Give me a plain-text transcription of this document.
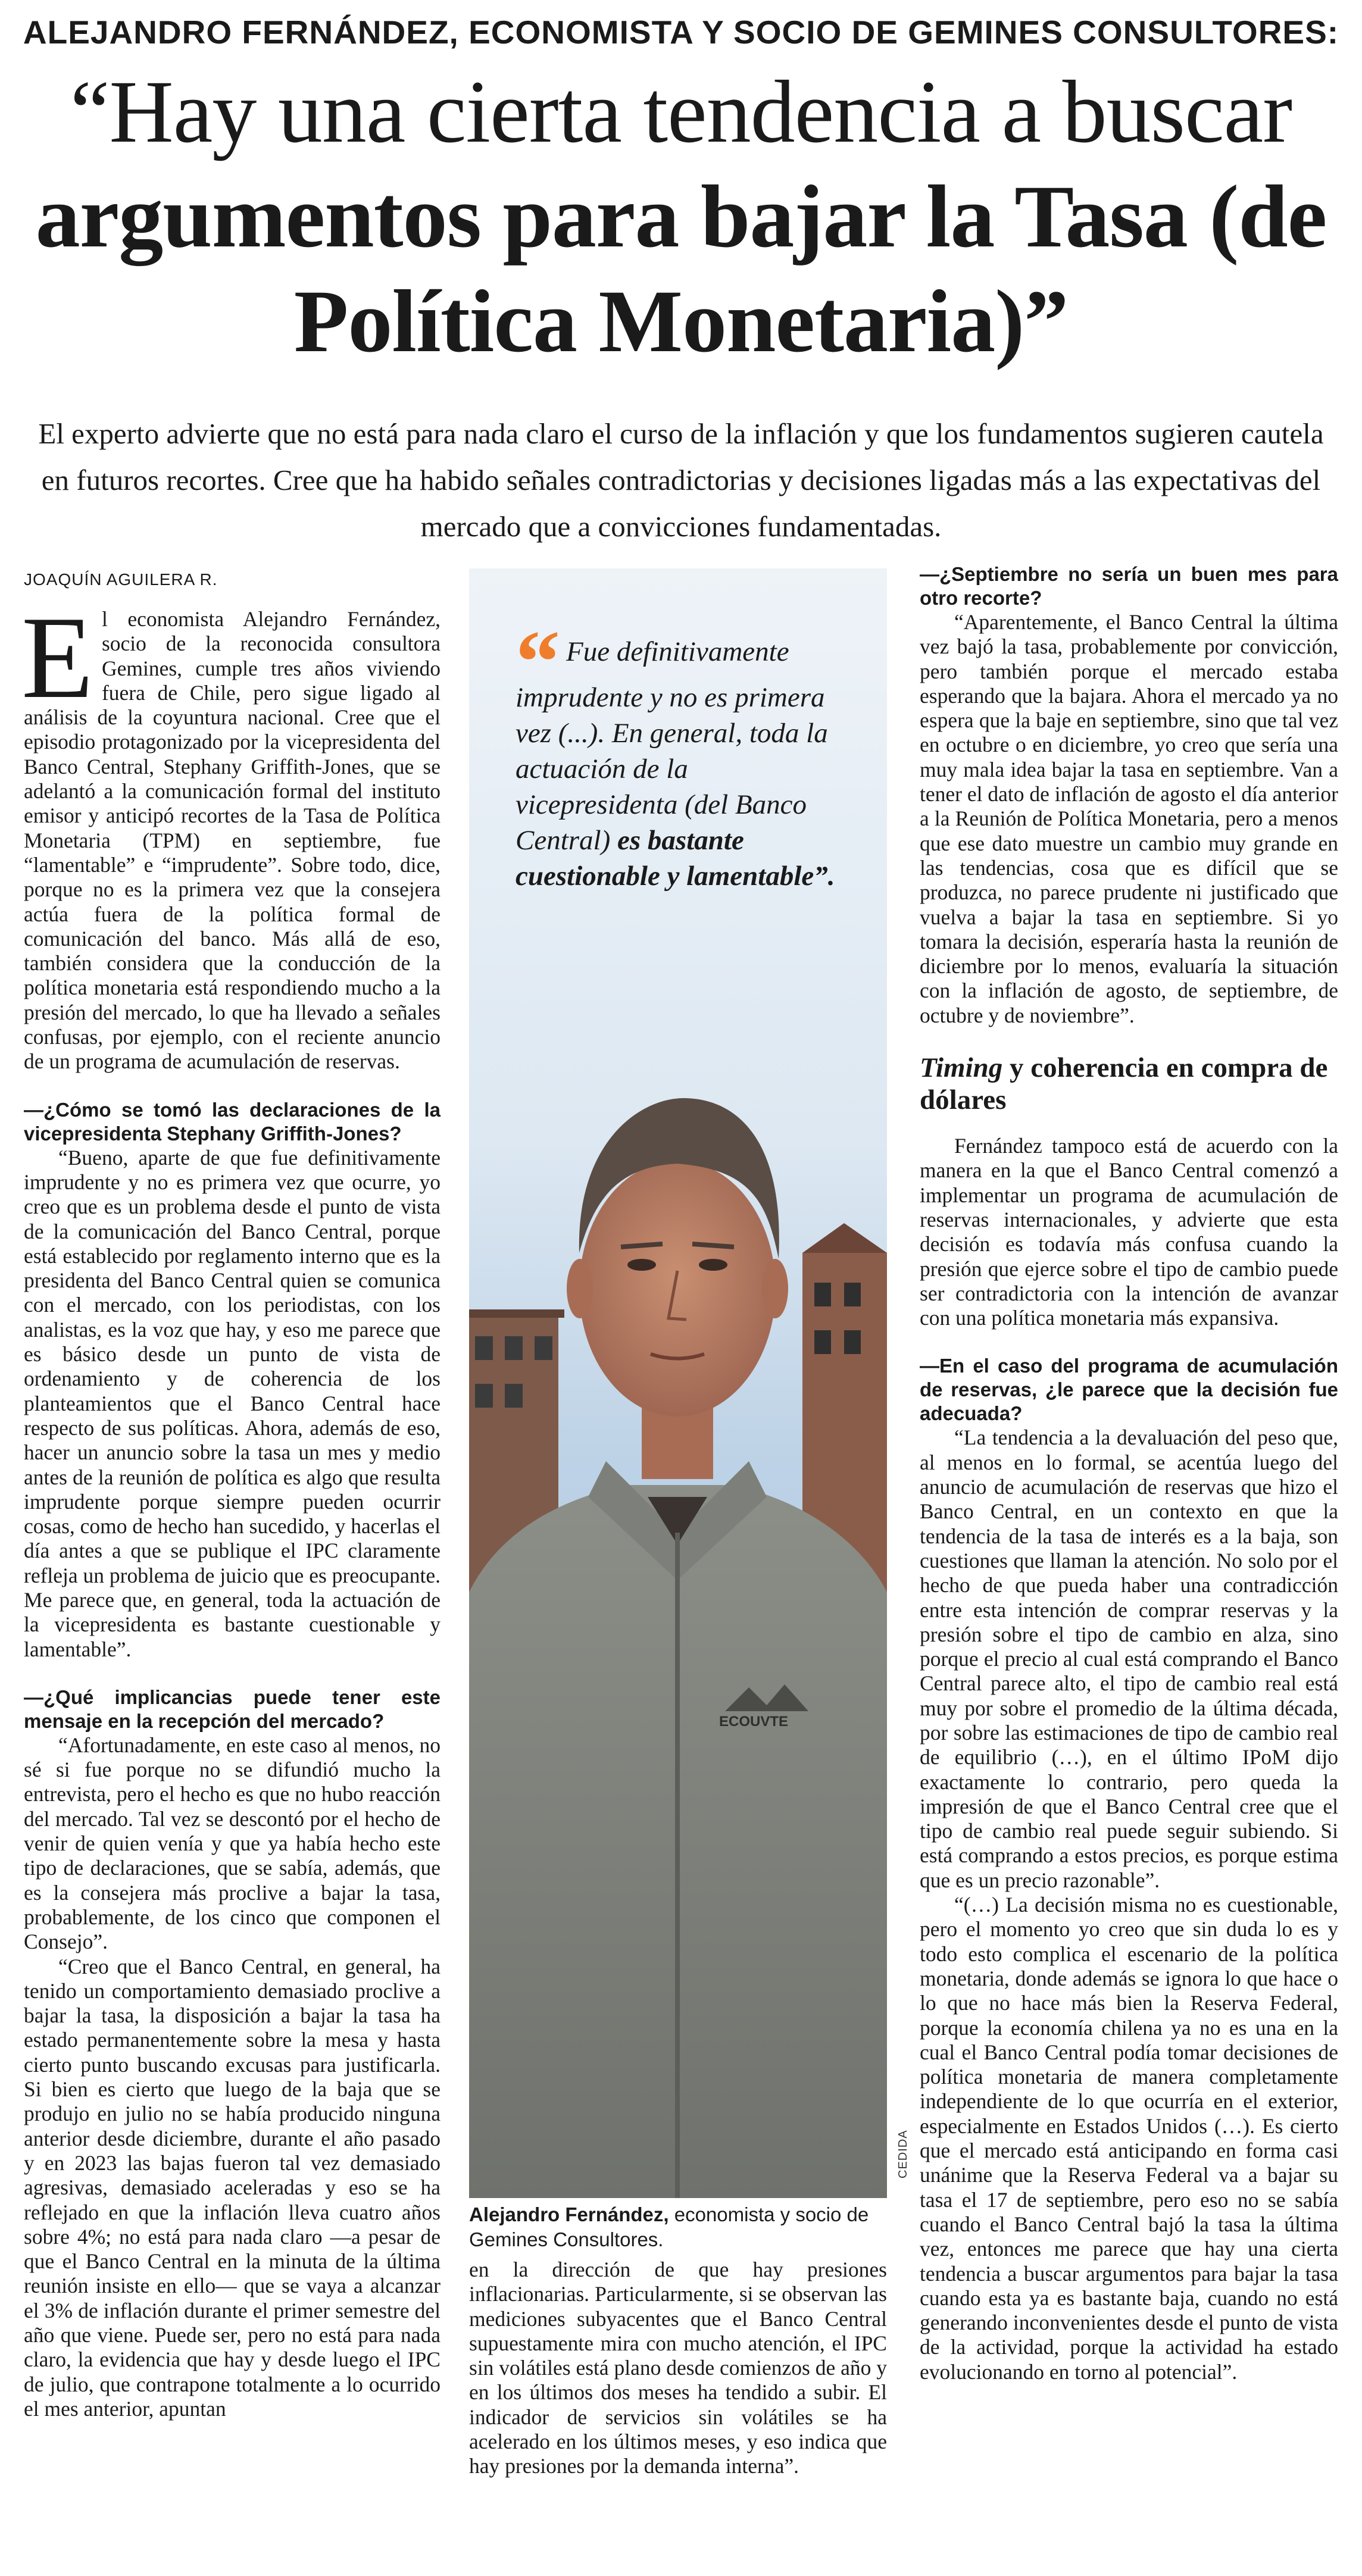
ALEJANDRO FERNÁNDEZ, ECONOMISTA Y SOCIO DE GEMINES CONSULTORES:
“Hay una cierta tendencia a buscar argumentos para bajar la Tasa (de Política Monetaria)”
El experto advierte que no está para nada claro el curso de la inflación y que los fundamentos sugieren cautela en futuros recortes. Cree que ha habido señales contradictorias y decisiones ligadas más a las expectativas del mercado que a convicciones fundamentadas.
JOAQUÍN AGUILERA R.

El economista Alejandro Fernández, socio de la reconocida consultora Gemines, cumple tres años viviendo fuera de Chile, pero sigue ligado al análisis de la coyuntura nacional. Cree que el episodio protagonizado por la vicepresidenta del Banco Central, Stephany Griffith-Jones, que se adelantó a la comunicación formal del instituto emisor y anticipó recortes de la Tasa de Política Monetaria (TPM) en septiembre, fue “lamentable” e “imprudente”. Sobre todo, dice, porque no es la primera vez que la consejera actúa fuera de la política formal de comunicación del banco. Más allá de eso, también considera que la conducción de la política monetaria está respondiendo mucho a la presión del mercado, lo que ha llevado a señales confusas, por ejemplo, con el reciente anuncio de un programa de acumulación de reservas.

—¿Cómo se tomó las declaraciones de la vicepresidenta Stephany Griffith-Jones?

“Bueno, aparte de que fue definitivamente imprudente y no es primera vez que ocurre, yo creo que es un problema desde el punto de vista de la comunicación del Banco Central, porque está establecido por reglamento interno que es la presidenta del Banco Central quien se comunica con el mercado, con los periodistas, con los analistas, es la voz que hay, y eso me parece que es básico desde un punto de vista de ordenamiento y de coherencia de los planteamientos que el Banco Central hace respecto de sus políticas. Ahora, además de eso, hacer un anuncio sobre la tasa un mes y medio antes de la reunión de política es algo que resulta imprudente porque siempre pueden ocurrir cosas, como de hecho han sucedido, y hacerlas el día antes a que se publique el IPC claramente refleja un problema de juicio que es preocupante. Me parece que, en general, toda la actuación de la vicepresidenta es bastante cuestionable y lamentable”.

—¿Qué implicancias puede tener este mensaje en la recepción del mercado?

“Afortunadamente, en este caso al menos, no sé si fue porque no se difundió mucho la entrevista, pero el hecho es que no hubo reacción del mercado. Tal vez se descontó por el hecho de venir de quien venía y que ya había hecho este tipo de declaraciones, que se sabía, además, que es la consejera más proclive a bajar la tasa, probablemente, de los cinco que componen el Consejo”.

“Creo que el Banco Central, en general, ha tenido un comportamiento demasiado proclive a bajar la tasa, la disposición a bajar la tasa ha estado permanentemente sobre la mesa y hasta cierto punto buscando excusas para justificarla. Si bien es cierto que luego de la baja que se produjo en julio no se había producido ninguna anterior desde diciembre, durante el año pasado y en 2023 las bajas fueron tal vez demasiado agresivas, demasiado aceleradas y eso se ha reflejado en que la inflación lleva cuatro años sobre 4%; no está para nada claro —a pesar de que el Banco Central en la minuta de la última reunión insiste en ello— que se vaya a alcanzar el 3% de inflación durante el primer semestre del año que viene. Puede ser, pero no está para nada claro, la evidencia que hay y desde luego el IPC de julio, que contrapone totalmente a lo ocurrido el mes anterior, apuntan

ECOUVTE
“ Fue definitivamente imprudente y no es primera vez (...). En general, toda la actuación de la vicepresidenta (del Banco Central) es bastante cuestionable y lamentable”.
CEDIDA
Alejandro Fernández, economista y socio de Gemines Consultores.

en la dirección de que hay presiones inflacionarias. Particularmente, si se observan las mediciones subyacentes que el Banco Central supuestamente mira con mucho atención, el IPC sin volátiles está plano desde comienzos de año y en los últimos dos meses ha tendido a subir. El indicador de servicios sin volátiles se ha acelerado en los últimos meses, y eso indica que hay presiones por la demanda interna”.

—¿Septiembre no sería un buen mes para otro recorte?

“Aparentemente, el Banco Central la última vez bajó la tasa, probablemente por convicción, pero también porque el mercado estaba esperando que la bajara. Ahora el mercado ya no espera que la baje en septiembre, sino que tal vez en octubre o en diciembre, yo creo que sería una muy mala idea bajar la tasa en septiembre. Van a tener el dato de inflación de agosto el día anterior a la Reunión de Política Monetaria, pero a menos que ese dato muestre un cambio muy grande en las tendencias, cosa que es difícil que se produzca, no parece prudente ni justificado que vuelva a bajar la tasa en septiembre. Si yo tomara la decisión, esperaría hasta la reunión de diciembre por lo menos, evaluaría la situación con la inflación de agosto, de septiembre, de octubre y de noviembre”.

Timing y coherencia en compra de dólares

Fernández tampoco está de acuerdo con la manera en la que el Banco Central comenzó a implementar un programa de acumulación de reservas internacionales, y advierte que esta decisión es todavía más confusa cuando la presión que ejerce sobre el tipo de cambio puede ser contradictoria con la intención de avanzar con una política monetaria más expansiva.

—En el caso del programa de acumulación de reservas, ¿le parece que la decisión fue adecuada?

“La tendencia a la devaluación del peso que, al menos en lo formal, se acentúa luego del anuncio de acumulación de reservas que hizo el Banco Central, en un contexto en que la tendencia de la tasa de interés es a la baja, son cuestiones que llaman la atención. No solo por el hecho de que pueda haber una contradicción entre esta intención de comprar reservas y la presión sobre el tipo de cambio en alza, sino porque el precio al cual está comprando el Banco Central parece alto, el tipo de cambio real está muy por sobre el promedio de la última década, por sobre las estimaciones de tipo de cambio real de equilibrio (…), en el último IPoM dijo exactamente lo contrario, pero queda la impresión de que el Banco Central cree que el tipo de cambio real puede seguir subiendo. Si está comprando a estos precios, es porque estima que es un precio razonable”.

“(…) La decisión misma no es cuestionable, pero el momento yo creo que sin duda lo es y todo esto complica el escenario de la política monetaria, donde además se ignora lo que hace o lo que no hace más bien la Reserva Federal, porque la economía chilena ya no es una en la cual el Banco Central podía tomar decisiones de política monetaria de manera completamente independiente de lo que ocurría en el exterior, especialmente en Estados Unidos (…). Es cierto que el mercado está anticipando en forma casi unánime que la Reserva Federal va a bajar su tasa el 17 de septiembre, pero eso no se sabía cuando el Banco Central bajó la tasa la última vez, entonces me parece que hay una cierta tendencia a buscar argumentos para bajar la tasa cuando esta ya es bastante baja, cuando no está generando inconvenientes desde el punto de vista de la actividad, porque la actividad ha estado evolucionando en torno al potencial”.
